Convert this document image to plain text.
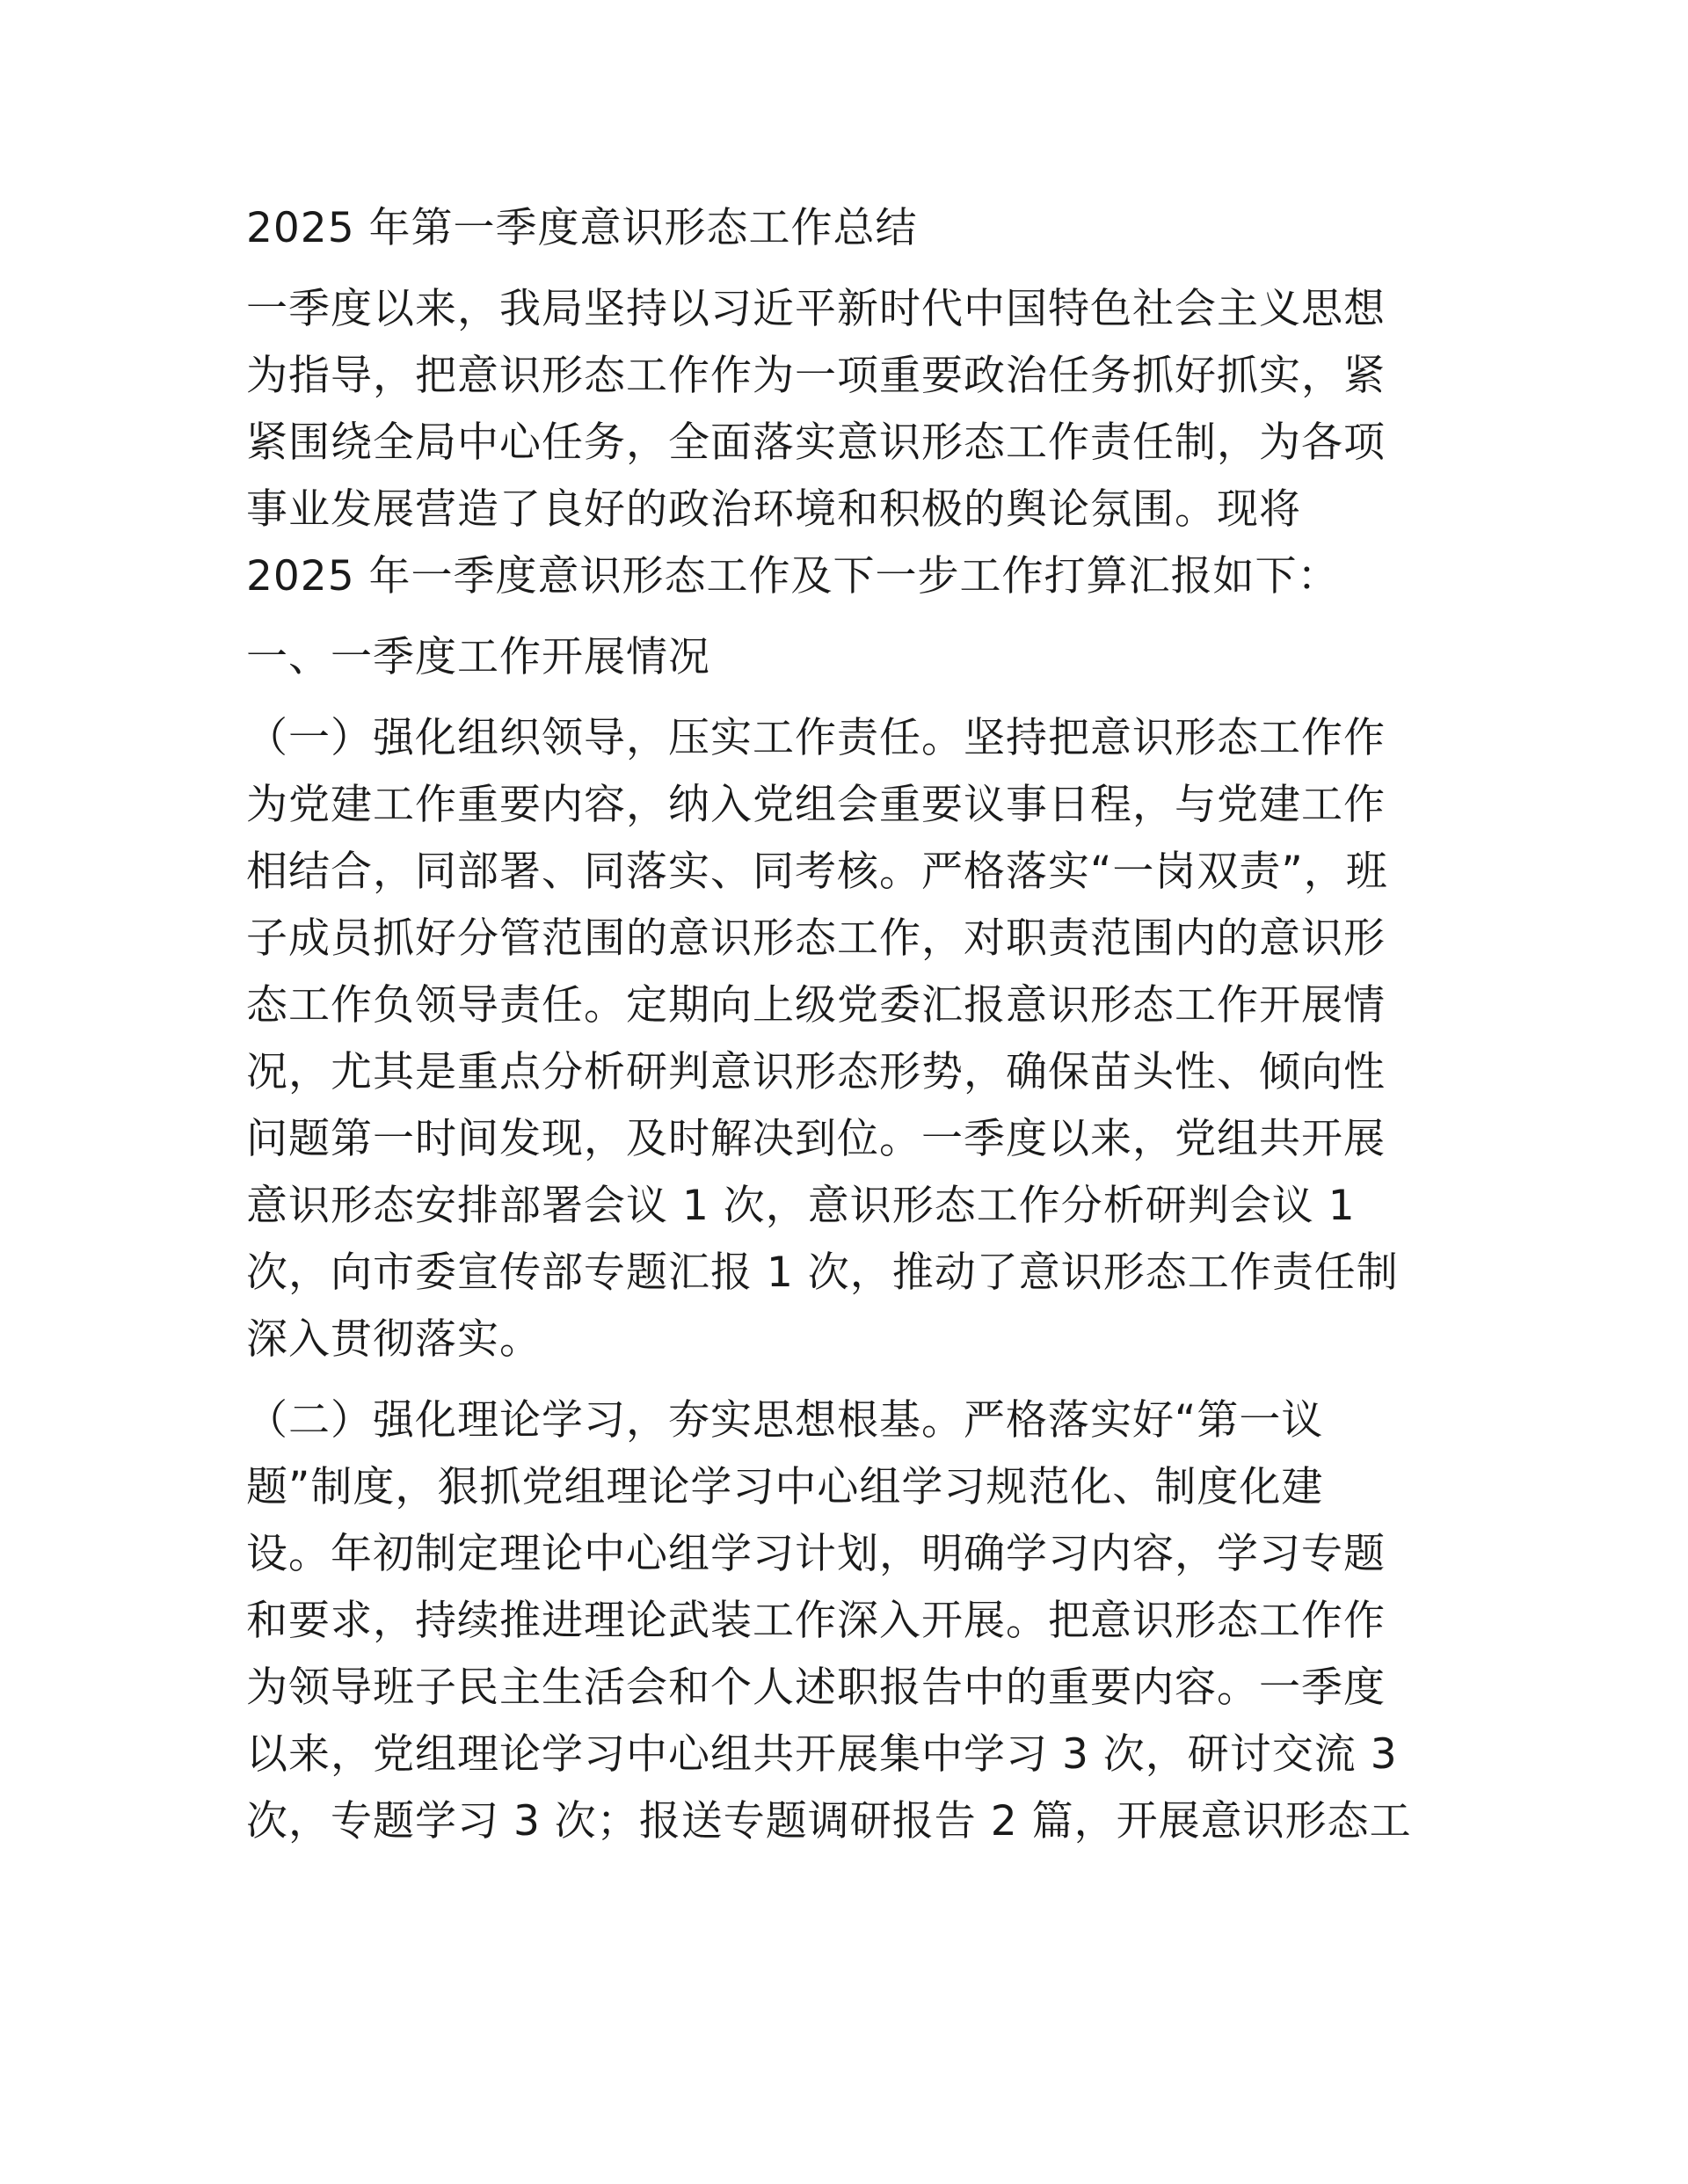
2025 年第一季度意识形态工作总结
一季度以来，我局坚持以习近平新时代中国特色社会主义思想
为指导，把意识形态工作作为一项重要政治任务抓好抓实，紧
紧围绕全局中心任务，全面落实意识形态工作责任制，为各项
事业发展营造了良好的政治环境和积极的舆论氛围。现将
2025 年一季度意识形态工作及下一步工作打算汇报如下：
一、一季度工作开展情况
（一）强化组织领导，压实工作责任。坚持把意识形态工作作
为党建工作重要内容，纳入党组会重要议事日程，与党建工作
相结合，同部署、同落实、同考核。严格落实“一岗双责”，班
子成员抓好分管范围的意识形态工作，对职责范围内的意识形
态工作负领导责任。定期向上级党委汇报意识形态工作开展情
况，尤其是重点分析研判意识形态形势，确保苗头性、倾向性
问题第一时间发现，及时解决到位。一季度以来，党组共开展
意识形态安排部署会议 1 次，意识形态工作分析研判会议 1
次，向市委宣传部专题汇报 1 次，推动了意识形态工作责任制
深入贯彻落实。
（二）强化理论学习，夯实思想根基。严格落实好“第一议
题”制度，狠抓党组理论学习中心组学习规范化、制度化建
设。年初制定理论中心组学习计划，明确学习内容，学习专题
和要求，持续推进理论武装工作深入开展。把意识形态工作作
为领导班子民主生活会和个人述职报告中的重要内容。一季度
以来，党组理论学习中心组共开展集中学习 3 次，研讨交流 3
次，专题学习 3 次；报送专题调研报告 2 篇，开展意识形态工
